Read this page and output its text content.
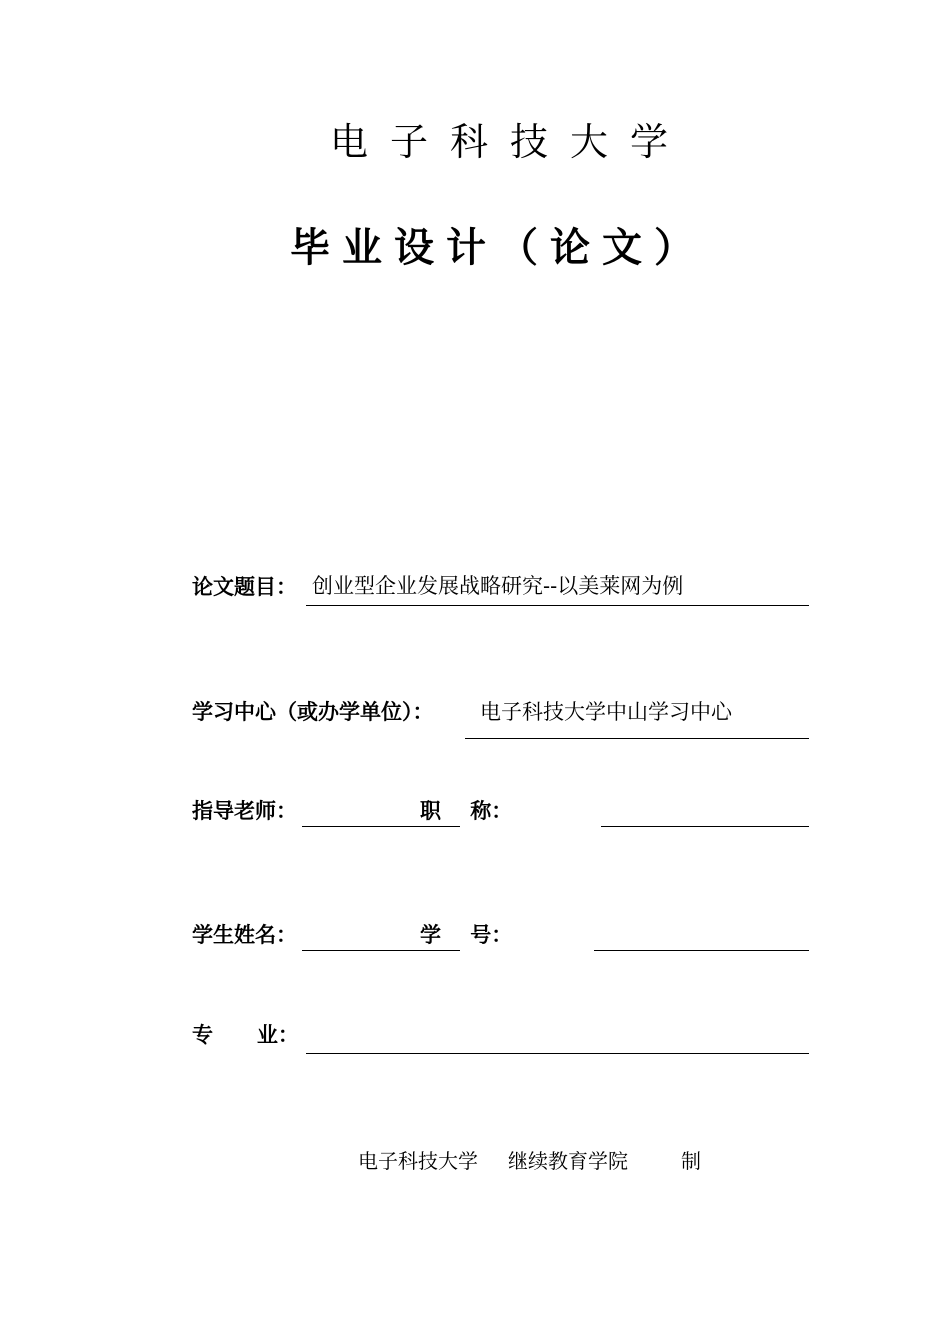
电子科技大学
毕业设计（论文）
论文题目： 创业型企业发展战略研究--以美莱网为例
学习中心（或办学单位）： 电子科技大学中山学习中心
指导老师：	职    称：
学生姓名：	学    号：
专      业：
电子科技大学 继续教育学院	制
